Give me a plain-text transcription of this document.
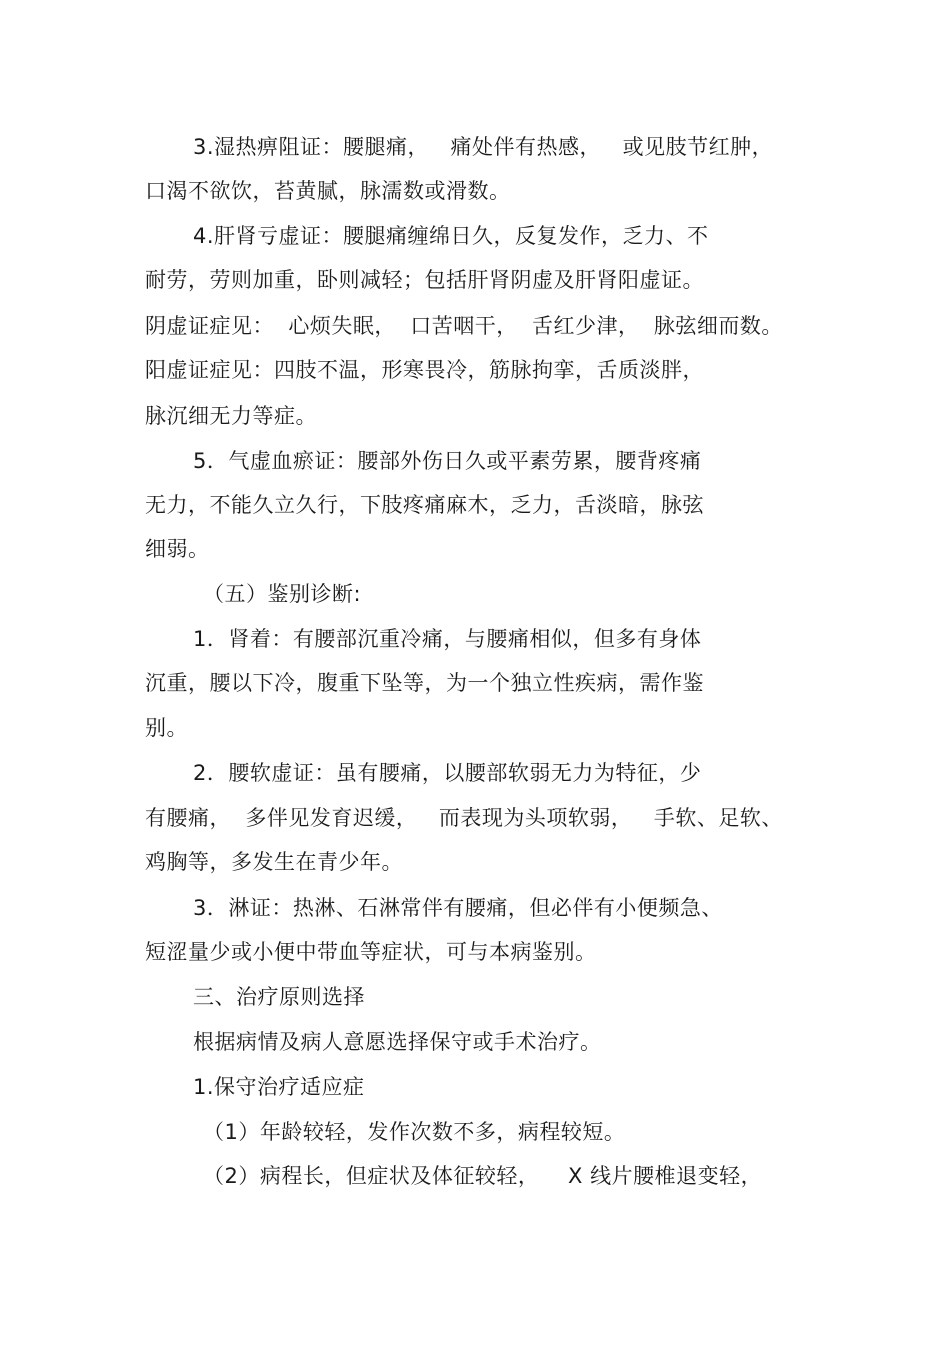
3.湿热痹阻证：腰腿痛，   痛处伴有热感，   或见肢节红肿，
口渴不欲饮，苔黄腻，脉濡数或滑数。
4.肝肾亏虚证：腰腿痛缠绵日久，反复发作，乏力、不
耐劳，劳则加重，卧则减轻；包括肝肾阴虚及肝肾阳虚证。
阴虚证症见：  心烦失眠，  口苦咽干，  舌红少津，  脉弦细而数。
阳虚证症见：四肢不温，形寒畏冷，筋脉拘挛，舌质淡胖，
脉沉细无力等症。
5．气虚血瘀证：腰部外伤日久或平素劳累，腰背疼痛
无力，不能久立久行，下肢疼痛麻木，乏力，舌淡暗，脉弦
细弱。
（五）鉴别诊断:
1．肾着：有腰部沉重冷痛，与腰痛相似，但多有身体
沉重，腰以下冷，腹重下坠等，为一个独立性疾病，需作鉴
别。
2．腰软虚证：虽有腰痛，以腰部软弱无力为特征，少
有腰痛，  多伴见发育迟缓，   而表现为头项软弱，   手软、足软、
鸡胸等，多发生在青少年。
3．淋证：热淋、石淋常伴有腰痛，但必伴有小便频急、
短涩量少或小便中带血等症状，可与本病鉴别。
三、治疗原则选择
根据病情及病人意愿选择保守或手术治疗。
1.保守治疗适应症
（1）年龄较轻，发作次数不多，病程较短。
（2）病程长，但症状及体征较轻，    X 线片腰椎退变轻，
